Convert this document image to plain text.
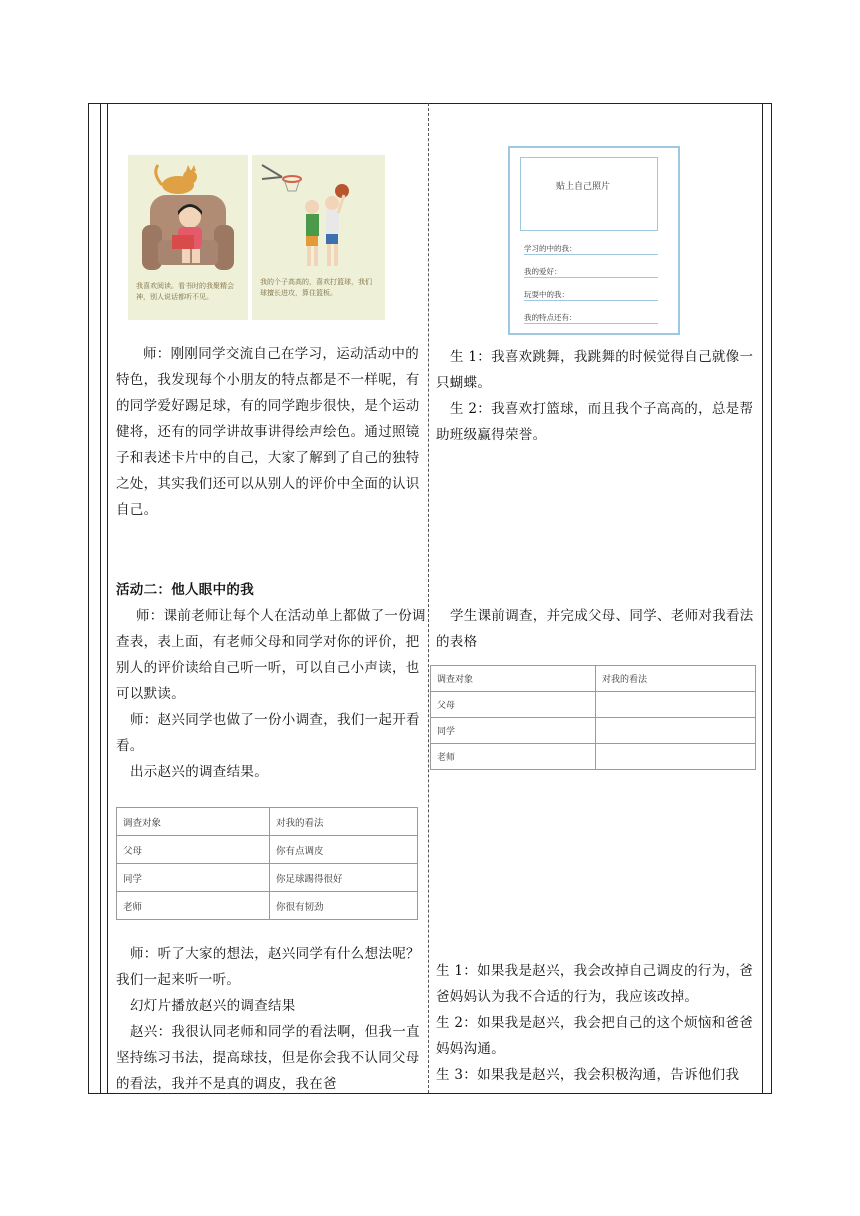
我喜欢阅读。看书时的我聚精会神，别人说话都听不见。
我的个子高高的，喜欢打篮球，我们球擅长进攻，算住篮板。
贴上自己照片
学习的中的我：
我的爱好：
玩耍中的我：
我的特点还有：

师：刚刚同学交流自己在学习，运动活动中的特色，我发现每个小朋友的特点都是不一样呢，有的同学爱好踢足球，有的同学跑步很快，是个运动健将，还有的同学讲故事讲得绘声绘色。通过照镜子和表述卡片中的自己，大家了解到了自己的独特之处，其实我们还可以从别人的评价中全面的认识自己。

活动二：他人眼中的我

师：课前老师让每个人在活动单上都做了一份调查表，表上面，有老师父母和同学对你的评价，把别人的评价读给自己听一听，可以自己小声读，也可以默读。

师：赵兴同学也做了一份小调查，我们一起开看看。

出示赵兴的调查结果。

调查对象	对我的看法
父母	你有点调皮
同学	你足球踢得很好
老师	你很有韧劲

师：听了大家的想法，赵兴同学有什么想法呢？我们一起来听一听。

幻灯片播放赵兴的调查结果

赵兴：我很认同老师和同学的看法啊，但我一直坚持练习书法，提高球技，但是你会我不认同父母的看法，我并不是真的调皮，我在爸

生 1：我喜欢跳舞，我跳舞的时候觉得自己就像一只蝴蝶。

生 2：我喜欢打篮球，而且我个子高高的，总是帮助班级赢得荣誉。

学生课前调查，并完成父母、同学、老师对我看法的表格

调查对象	对我的看法
父母	
同学	
老师	

生 1：如果我是赵兴，我会改掉自己调皮的行为，爸爸妈妈认为我不合适的行为，我应该改掉。

生 2：如果我是赵兴，我会把自己的这个烦恼和爸爸妈妈沟通。

生 3：如果我是赵兴，我会积极沟通，告诉他们我
